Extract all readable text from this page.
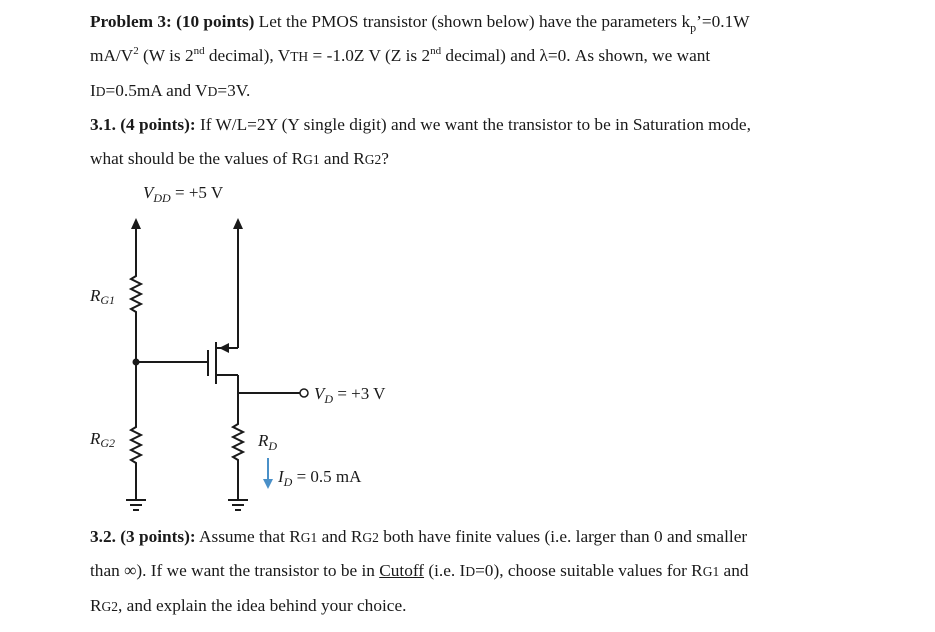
Problem 3: (10 points) Let the PMOS transistor (shown below) have the parameters $k_p’=0.1W$
$mA/V^2$ (W is 2nd decimal), VTH = -1.0Z V (Z is 2nd decimal) and λ=0. As shown, we want
ID=0.5mA and VD=3V.
3.1. (4 points): If W/L=2Y (Y single digit) and we want the transistor to be in Saturation mode,
what should be the values of RG1 and RG2?
$V_{DD} = +5$ V
RG1
$V_D = +3$ V
$R_D$
$I_D = 0.5$ mA
RG2
3.2. (3 points): Assume that RG1 and RG2 both have finite values (i.e. larger than 0 and smaller
than ∞). If we want the transistor to be in Cutoff (i.e. ID=0), choose suitable values for RG1 and
RG2, and explain the idea behind your choice.
